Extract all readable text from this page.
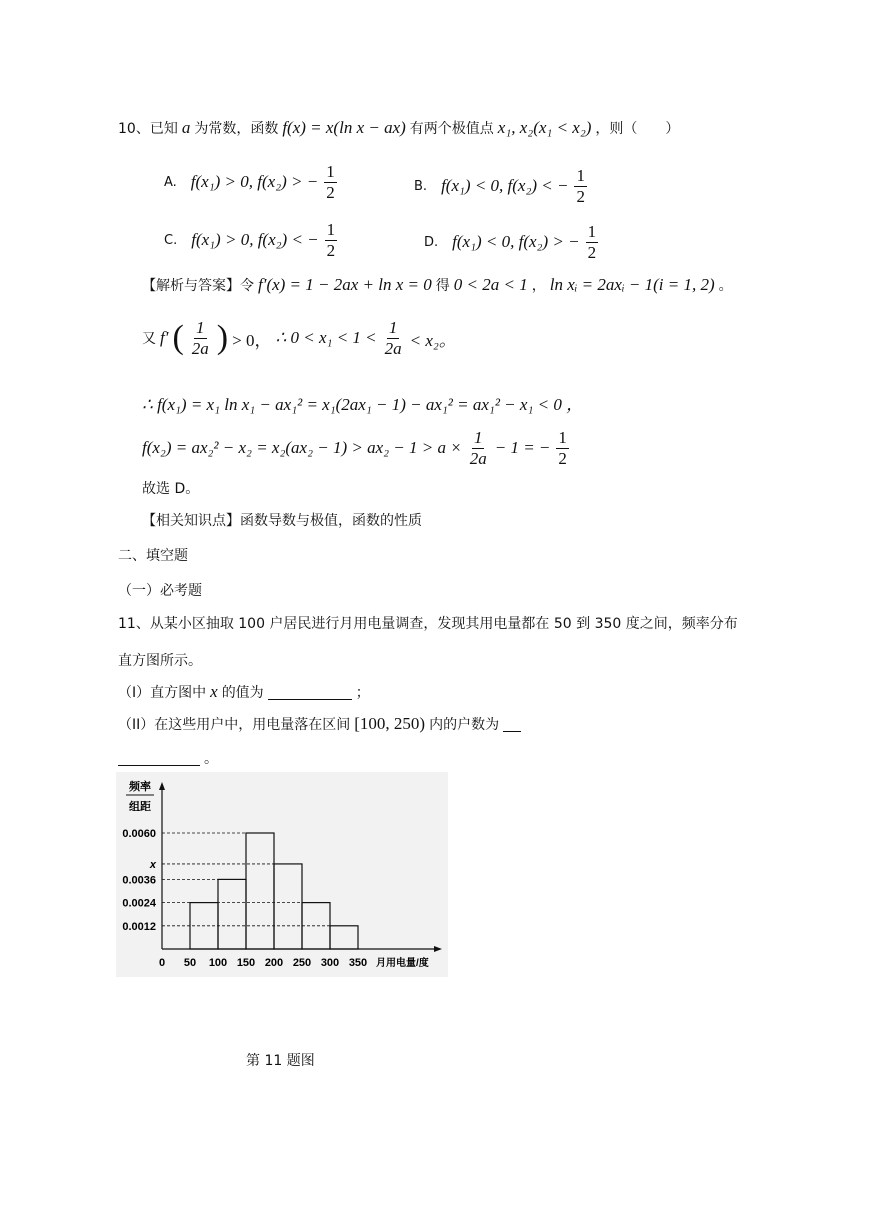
10、已知 a 为常数，函数 f(x) = x(ln x − ax) 有两个极值点 x₁, x₂(x₁ < x₂) ，则（　　）
A. f(x₁) > 0, f(x₂) > − $\frac{1}{2}$	B. f(x₁) < 0, f(x₂) < − $\frac{1}{2}$
C. f(x₁) > 0, f(x₂) < − $\frac{1}{2}$	D. f(x₁) < 0, f(x₂) > − $\frac{1}{2}$
【解析与答案】令 f′(x) = 1 − 2ax + ln x = 0 得 0 < 2a < 1 ， ln xᵢ = 2axᵢ − 1(i = 1, 2) 。
又 f′ ( $\frac{1}{2a}$ ) > 0， ∴ $0 < x_1 < 1 < \frac{1}{2a} < x_2$。
∴ f(x₁) = x₁ ln x₁ − ax₁² = x₁(2ax₁ − 1) − ax₁² = ax₁² − x₁ < 0 ，
$f(x_2) = ax_2^2 - x_2 = x_2(ax_2 - 1) > ax_2 - 1 > a \times \frac{1}{2a} - 1$ = − $\frac{1}{2}$
故选 D。
【相关知识点】函数导数与极值，函数的性质
二、填空题
（一）必考题
11、从某小区抽取 100 户居民进行月用电量调查，发现其用电量都在 50 到 350 度之间，频率分布
直方图所示。
（I）直方图中 x 的值为	；
（II）在这些用户中，用电量落在区间 [100, 250) 内的户数为
。
0.0012
0.0024
0.0036
x
0.0060
0 50 100 150 200 250 300 350 月用电量/度
频率
组距
第 11 题图
